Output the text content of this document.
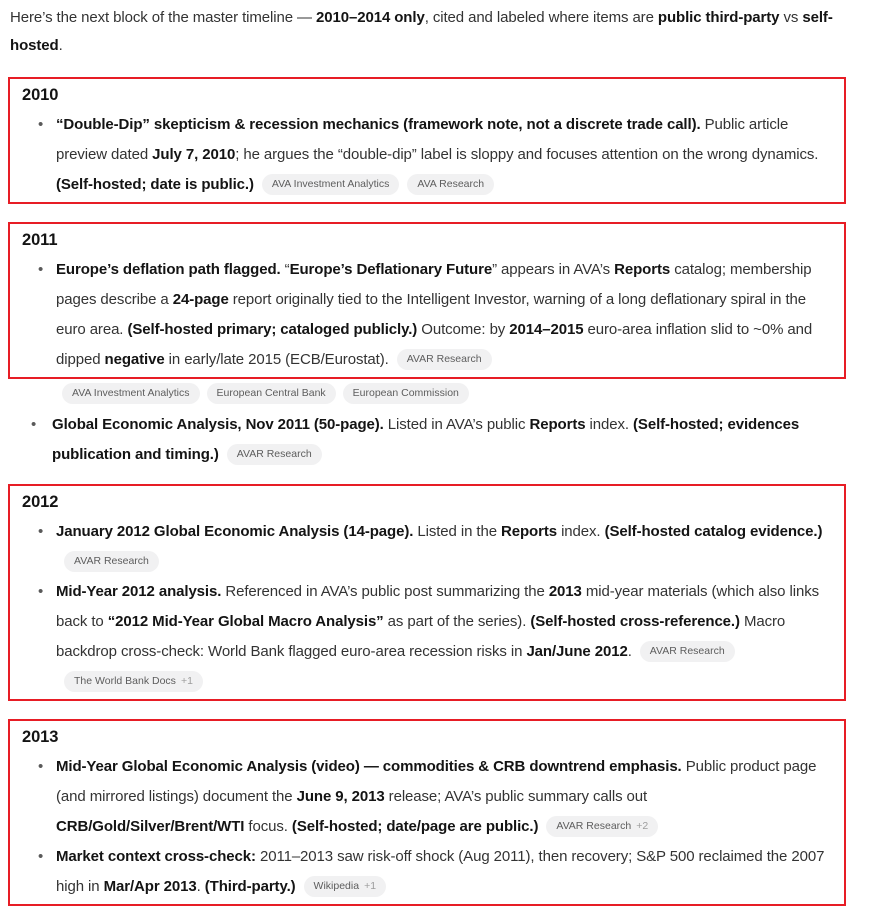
Here’s the next block of the master timeline — 2010–2014 only, cited and labeled where items are public third-party vs self-hosted.

2010
• “Double-Dip” skepticism & recession mechanics (framework note, not a discrete trade call). Public article preview dated July 7, 2010; he argues the “double-dip” label is sloppy and focuses attention on the wrong dynamics. (Self-hosted; date is public.) AVA Investment Analytics	AVA Research
2011
• Europe’s deflation path flagged. “Europe’s Deflationary Future” appears in AVA’s Reports catalog; membership pages describe a 24-page report originally tied to the Intelligent Investor, warning of a long deflationary spiral in the euro area. (Self-hosted primary; cataloged publicly.) Outcome: by 2014–2015 euro-area inflation slid to ~0% and dipped negative in early/late 2015 (ECB/Eurostat). AVAR Research
AVA Investment Analytics	European Central Bank	European Commission
• Global Economic Analysis, Nov 2011 (50-page). Listed in AVA’s public Reports index. (Self-hosted; evidences publication and timing.) AVAR Research
2012
• January 2012 Global Economic Analysis (14-page). Listed in the Reports index. (Self-hosted catalog evidence.)AVAR Research
• Mid-Year 2012 analysis. Referenced in AVA’s public post summarizing the 2013 mid-year materials (which also links back to “2012 Mid-Year Global Macro Analysis” as part of the series). (Self-hosted cross-reference.) Macro backdrop cross-check: World Bank flagged euro-area recession risks in Jan/June 2012. AVAR ResearchThe World Bank Docs +1
2013
• Mid-Year Global Economic Analysis (video) — commodities & CRB downtrend emphasis. Public product page (and mirrored listings) document the June 9, 2013 release; AVA’s public summary calls out CRB/Gold/Silver/Brent/WTI focus. (Self-hosted; date/page are public.) AVAR Research +2
• Market context cross-check: 2011–2013 saw risk-off shock (Aug 2011), then recovery; S&P 500 reclaimed the 2007 high in Mar/Apr 2013. (Third-party.) Wikipedia +1
